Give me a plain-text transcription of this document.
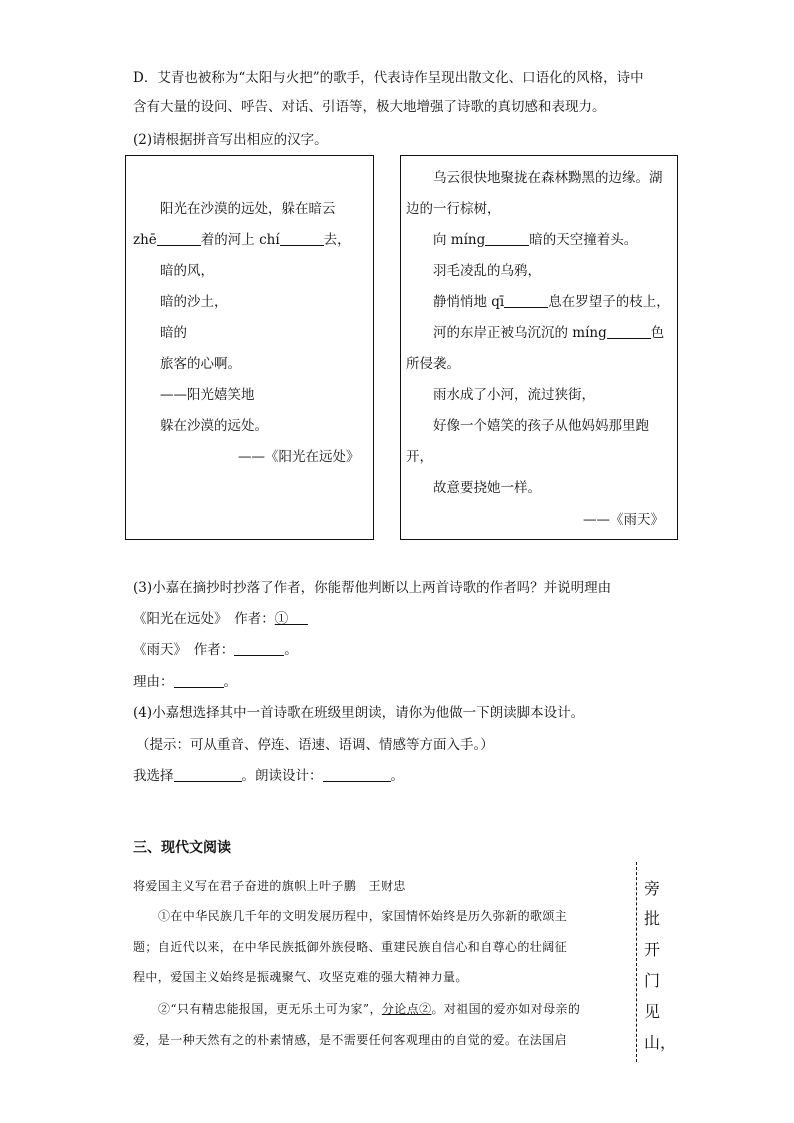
D．艾青也被称为“太阳与火把”的歌手，代表诗作呈现出散文化、口语化的风格，诗中
含有大量的设问、呼告、对话、引语等，极大地增强了诗歌的真切感和表现力。
(2)请根据拼音写出相应的汉字。
阳光在沙漠的远处，躲在暗云
zhē	着的河上 chí	去，
暗的风，
暗的沙土，
暗的
旅客的心啊。
——阳光嬉笑地
躲在沙漠的远处。
——《阳光在远处》
乌云很快地聚拢在森林黝黑的边缘。湖
边的一行棕树，
向 míng	暗的天空撞着头。
羽毛凌乱的乌鸦，
静悄悄地 qī	息在罗望子的枝上，
河的东岸正被乌沉沉的 míng	色
所侵袭。
雨水成了小河，流过狭街，
好像一个嬉笑的孩子从他妈妈那里跑
开，
故意要挠她一样。
——《雨天》
(3)小嘉在摘抄时抄落了作者，你能帮他判断以上两首诗歌的作者吗？并说明理由
《阳光在远处》　作者：①
《雨天》　作者：	。
理由：	。
(4)小嘉想选择其中一首诗歌在班级里朗读，请你为他做一下朗读脚本设计。
（提示：可从重音、停连、语速、语调、情感等方面入手。）
我选择	。朗读设计：	。
三、现代文阅读
将爱国主义写在君子奋进的旗帜上叶子鹏　王财忠
①在中华民族几千年的文明发展历程中，家国情怀始终是历久弥新的歌颂主
题；自近代以来，在中华民族抵御外族侵略、重建民族自信心和自尊心的壮阔征
程中，爱国主义始终是振魂聚气、攻坚克难的强大精神力量。
②“只有精忠能报国，更无乐土可为家”，分论点②。对祖国的爱亦如对母亲的
爱，是一种天然有之的朴素情感，是不需要任何客观理由的自觉的爱。在法国启
旁
批
开
门
见
山，
